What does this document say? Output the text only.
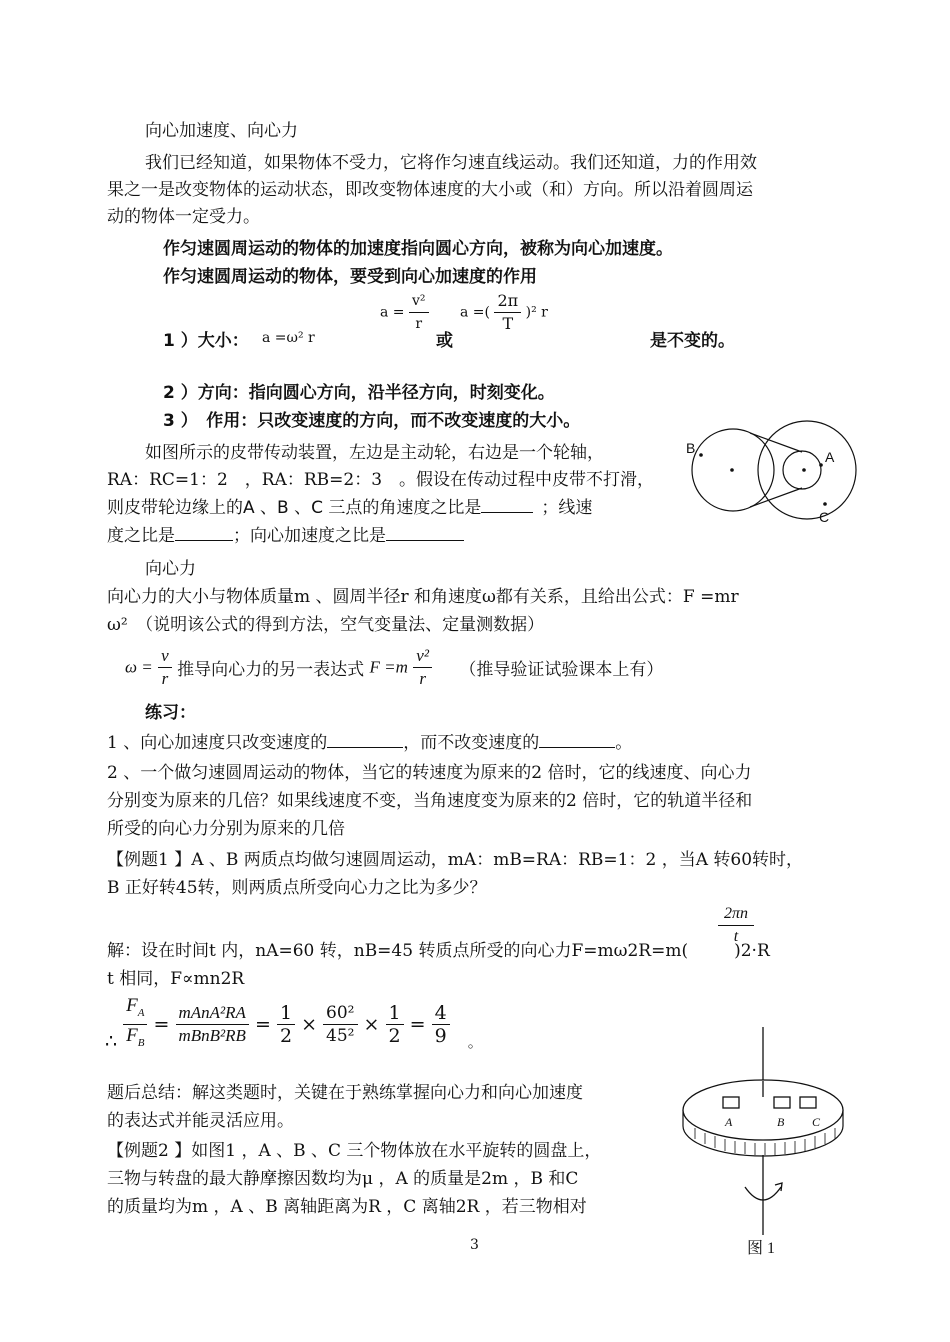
向心加速度、向心力
我们已经知道，如果物体不受力，它将作匀速直线运动。我们还知道，力的作用效
果之一是改变物体的运动状态，即改变物体速度的大小或（和）方向。所以沿着圆周运
动的物体一定受力。
作匀速圆周运动的物体的加速度指向圆心方向，被称为向心加速度。
作匀速圆周运动的物体，要受到向心加速度的作用
1 ）大小： a =ω² r
$a = \frac{\text{v²}}{r}$
或
a =( $\frac{2\pi}{T} )^2$ r
是不变的。
2 ）方向：指向圆心方向，沿半径方向，时刻变化。
3 ）　作用：只改变速度的方向，而不改变速度的大小。
如图所示的皮带传动装置，左边是主动轮，右边是一个轮轴，
RA：RC=1：2　，RA：RB=2：3　。假设在传动过程中皮带不打滑，
则皮带轮边缘上的A 、B 、C 三点的角速度之比是	；线速
度之比是	；向心加速度之比是
B
A
C
向心力
向心力的大小与物体质量m 、圆周半径r 和角速度ω都有关系，且给出公式：F =mr
ω²　（说明该公式的得到方法，空气变量法、定量测数据）
$\omega = \frac{v}{r}$ 推导向心力的另一表达式 $F =m \frac{\text{v²}}{r}$ （推导验证试验课本上有）
练习：
1 、向心加速度只改变速度的	，而不改变速度的	。
2 、一个做匀速圆周运动的物体，当它的转速度为原来的2 倍时，它的线速度、向心力
分别变为原来的几倍？如果线速度不变，当角速度变为原来的2 倍时，它的轨道半径和
所受的向心力分别为原来的几倍
【例题1 】A 、B 两质点均做匀速圆周运动，mA：mB=RA：RB=1：2 ，当A 转60转时，
B 正好转45转，则两质点所受向心力之比为多少？
$\frac{2\pi n}{t}$
解：设在时间t 内，nA=60 转，nB=45 转质点所受的向心力F=mω2R=m(	)2·R
t 相同，F∝mn2R
∴ $\frac{F_A}{F_B} = \frac{\text{mAnA²RA}}{\text{mBnB²RB}} = \frac{1}{2} \times \frac{\text{60²}}{\text{45²}} \times \frac{1}{2} = \frac{4}{9} _。$
题后总结：解这类题时，关键在于熟练掌握向心力和向心加速度
的表达式并能灵活应用。
【例题2 】如图1 ，A 、B 、C 三个物体放在水平旋转的圆盘上，
三物与转盘的最大静摩擦因数均为μ ，A 的质量是2m ，B 和C
的质量均为m ，A 、B 离轴距离为R ，C 离轴2R ，若三物相对
A	B C
图 1
3
